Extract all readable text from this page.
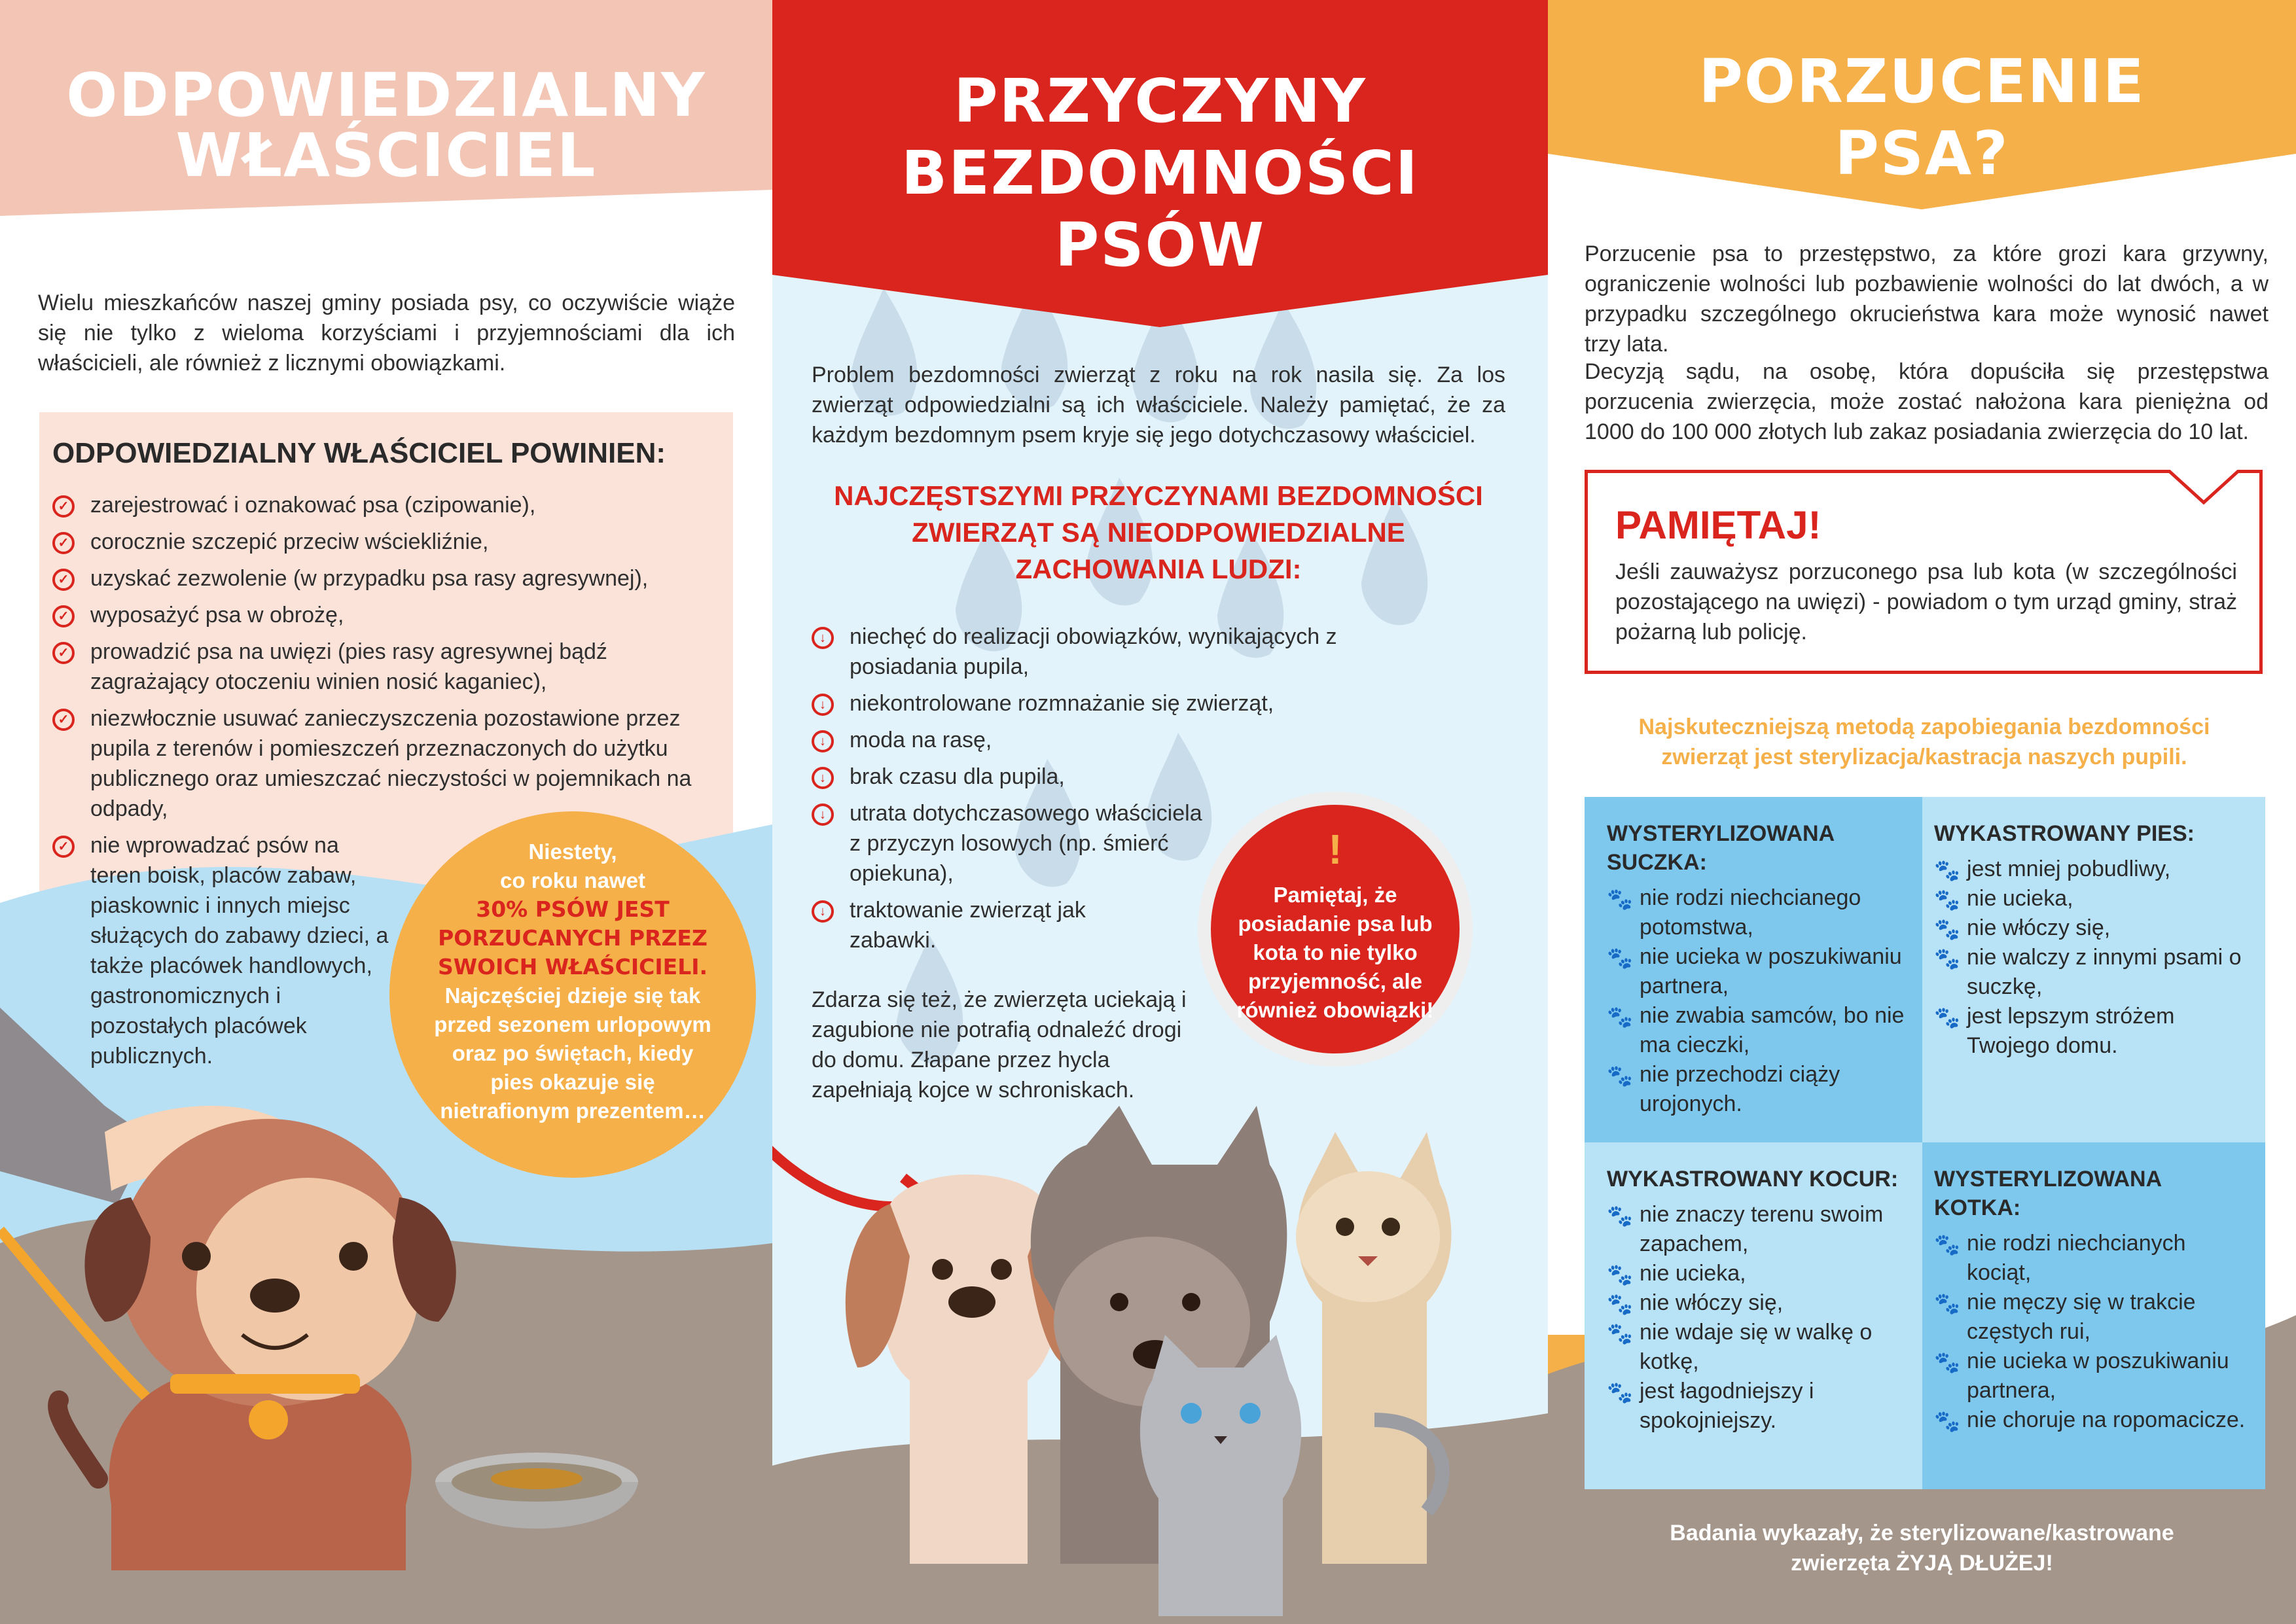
ODPOWIEDZIALNY
WŁAŚCICIEL
Wielu mieszkańców naszej gminy posiada psy, co oczywiście wiąże się nie tylko z wieloma korzyściami i przyjemnościami dla ich właścicieli, ale również z licznymi obowiązkami.
ODPOWIEDZIALNY WŁAŚCICIEL POWINIEN:
✓ zarejestrować i oznakować psa (czipowanie),
✓ corocznie szczepić przeciw wściekliźnie,
✓ uzyskać zezwolenie (w przypadku psa rasy agresywnej),
✓ wyposażyć psa w obrożę,
✓ prowadzić psa na uwięzi (pies rasy agresywnej bądź zagrażający otoczeniu winien nosić kaganiec),
✓ niezwłocznie usuwać zanieczyszczenia pozostawione przez pupila z terenów i pomieszczeń przeznaczonych do użytku publicznego oraz umieszczać nieczystości w pojemnikach na odpady,
✓ nie wprowadzać psów na teren boisk, placów zabaw, piaskownic i innych miejsc służących do zabawy dzieci, a także placówek handlowych, gastronomicznych i pozostałych placówek publicznych.
Niestety,
co roku nawet
30% PSÓW JEST PORZUCANYCH PRZEZ SWOICH WŁAŚCICIELI.
Najczęściej dzieje się tak przed sezonem urlopowym oraz po świętach, kiedy pies okazuje się nietrafionym prezentem…
PRZYCZYNY
BEZDOMNOŚCI
PSÓW
Problem bezdomności zwierząt z roku na rok nasila się. Za los zwierząt odpowiedzialni są ich właściciele. Należy pamiętać, że za każdym bezdomnym psem kryje się jego dotychczasowy właściciel.
NAJCZĘSTSZYMI PRZYCZYNAMI BEZDOMNOŚCI ZWIERZĄT SĄ NIEODPOWIEDZIALNE ZACHOWANIA LUDZI:
↓	niechęć do realizacji obowiązków, wynikających z posiadania pupila,
↓	niekontrolowane rozmnażanie się zwierząt,
↓	moda na rasę,
↓	brak czasu dla pupila,
↓	utrata dotychczasowego właściciela z przyczyn losowych (np. śmierć opiekuna),
↓	traktowanie zwierząt jak zabawki.
Zdarza się też, że zwierzęta uciekają i zagubione nie potrafią odnaleźć drogi do domu. Złapane przez hycla zapełniają kojce w schroniskach.
!
Pamiętaj, że posiadanie psa lub kota to nie tylko przyjemność, ale również obowiązki!
PORZUCENIE
PSA?
Porzucenie psa to przestępstwo, za które grozi kara grzywny, ograniczenie wolności lub pozbawienie wolności do lat dwóch, a w przypadku szczególnego okrucieństwa kara może wynosić nawet trzy lata.
Decyzją sądu, na osobę, która dopuściła się przestępstwa porzucenia zwierzęcia, może zostać nałożona kara pieniężna od 1000 do 100 000 złotych lub zakaz posiadania zwierzęcia do 10 lat.
PAMIĘTAJ!
Jeśli zauważysz porzuconego psa lub kota (w szczególności pozostającego na uwięzi) - powiadom o tym urząd gminy, straż pożarną lub policję.
Najskuteczniejszą metodą zapobiegania bezdomności zwierząt jest sterylizacja/kastracja naszych pupili.
WYSTERYLIZOWANA SUCZKA:
🐾 nie rodzi niechcianego potomstwa,
🐾 nie ucieka w poszukiwaniu partnera,
🐾 nie zwabia samców, bo nie ma cieczki,
🐾 nie przechodzi ciąży urojonych.
WYKASTROWANY PIES:
🐾 jest mniej pobudliwy,
🐾 nie ucieka,
🐾 nie włóczy się,
🐾 nie walczy z innymi psami o suczkę,
🐾 jest lepszym stróżem Twojego domu.
WYKASTROWANY KOCUR:
🐾 nie znaczy terenu swoim zapachem,
🐾 nie ucieka,
🐾 nie włóczy się,
🐾 nie wdaje się w walkę o kotkę,
🐾 jest łagodniejszy i spokojniejszy.
WYSTERYLIZOWANA KOTKA:
🐾 nie rodzi niechcianych kociąt,
🐾 nie męczy się w trakcie częstych rui,
🐾 nie ucieka w poszukiwaniu partnera,
🐾 nie choruje na ropomacicze.
Badania wykazały, że sterylizowane/kastrowane
zwierzęta ŻYJĄ DŁUŻEJ!
